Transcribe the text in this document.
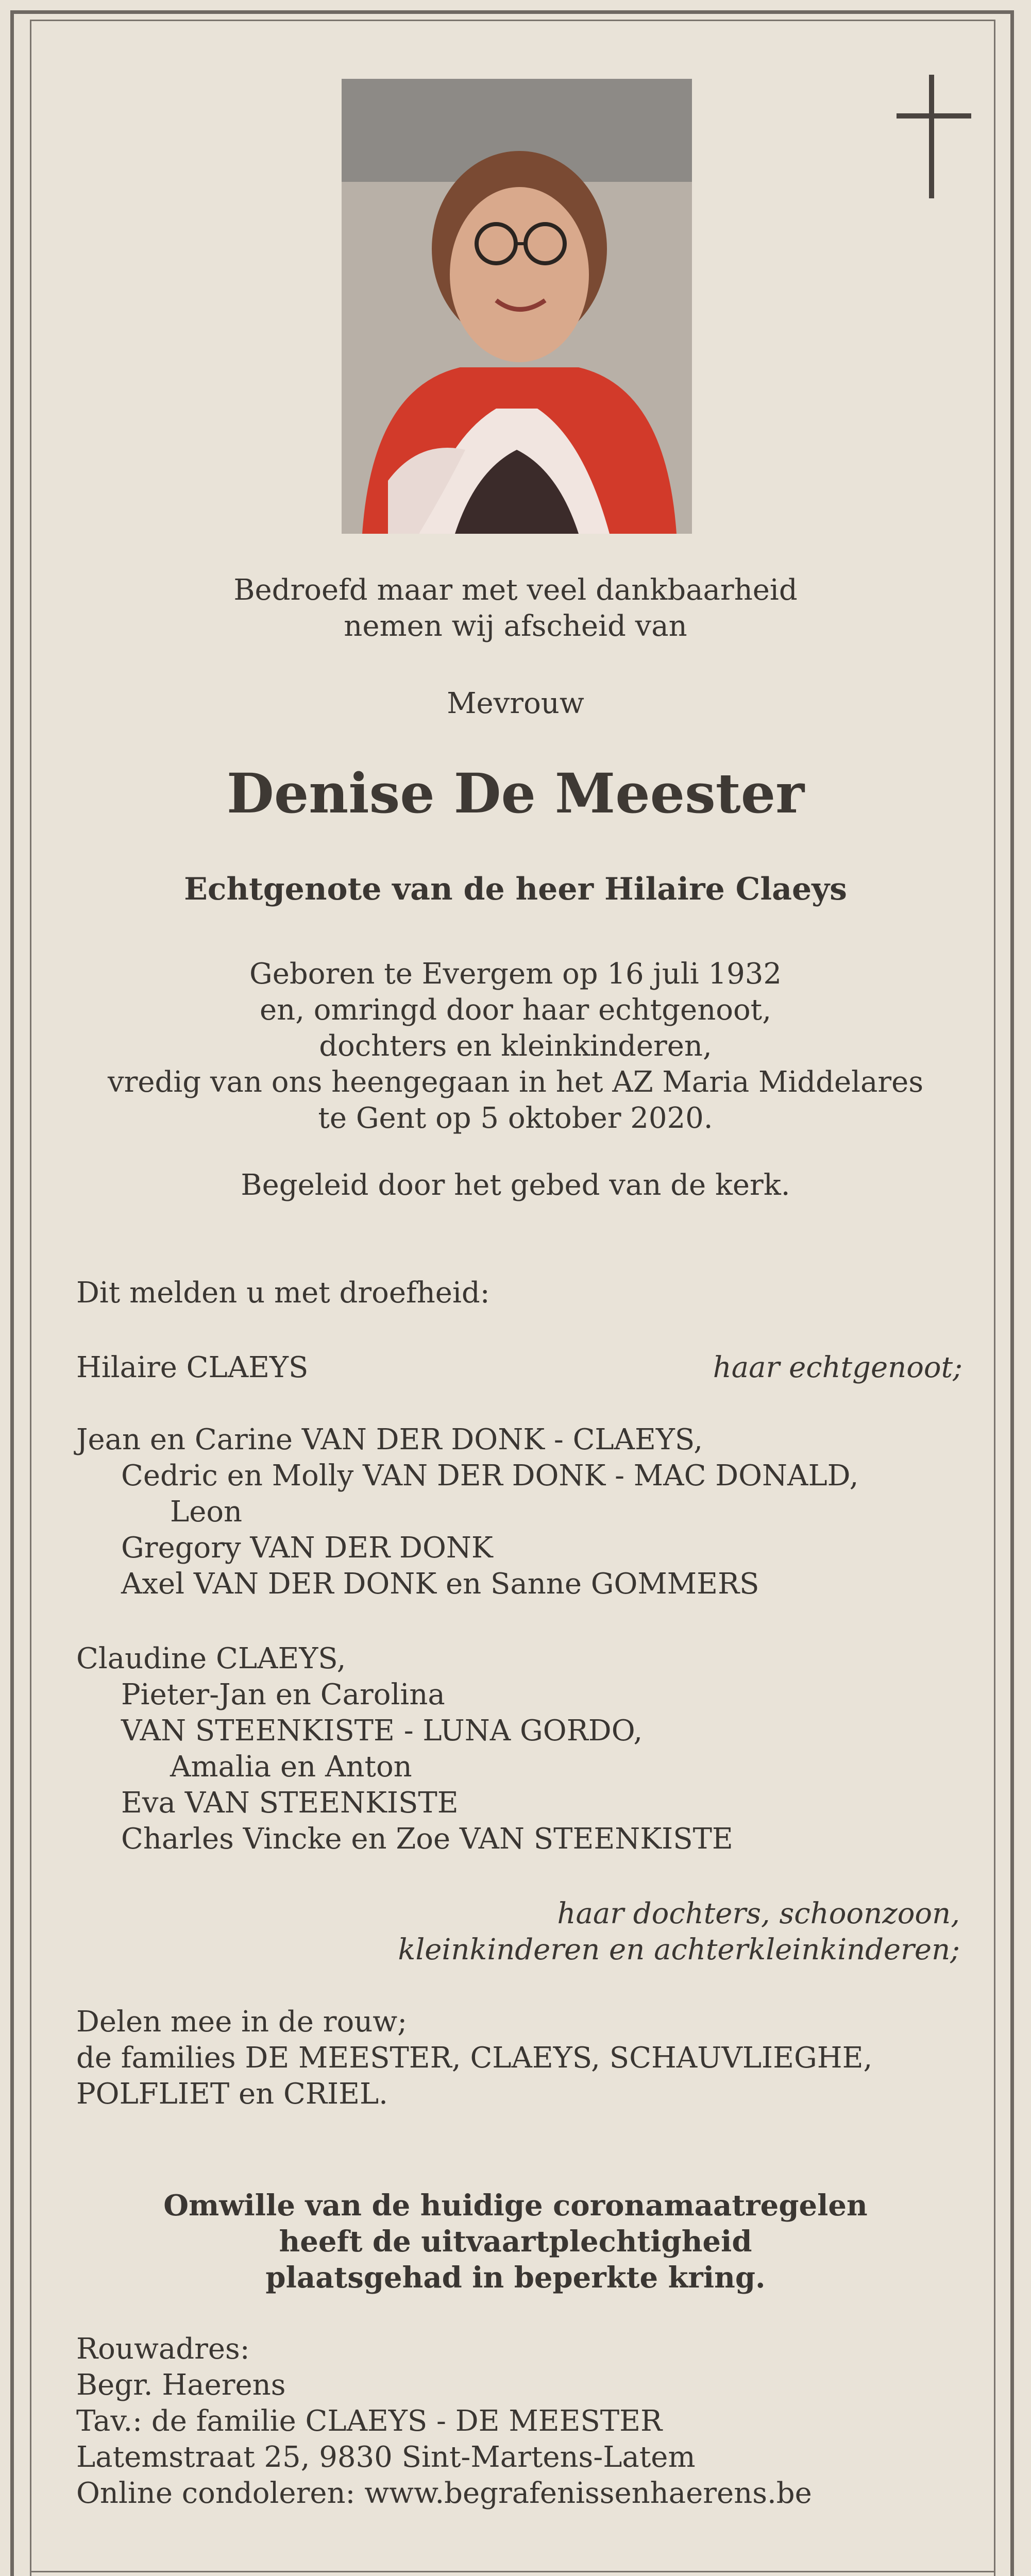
Bedroefd maar met veel dankbaarheid
nemen wij afscheid van
Mevrouw
Denise De Meester
Echtgenote van de heer Hilaire Claeys
Geboren te Evergem op 16 juli 1932
en, omringd door haar echtgenoot,
dochters en kleinkinderen,
vredig van ons heengegaan in het AZ Maria Middelares
te Gent op 5 oktober 2020.
Begeleid door het gebed van de kerk.
Dit melden u met droefheid:
Hilaire CLAEYS	haar echtgenoot;
Jean en Carine VAN DER DONK - CLAEYS,
Cedric en Molly VAN DER DONK - MAC DONALD,
Leon
Gregory VAN DER DONK
Axel VAN DER DONK en Sanne GOMMERS
Claudine CLAEYS,
Pieter-Jan en Carolina
VAN STEENKISTE - LUNA GORDO,
Amalia en Anton
Eva VAN STEENKISTE
Charles Vincke en Zoe VAN STEENKISTE
haar dochters, schoonzoon,
kleinkinderen en achterkleinkinderen;
Delen mee in de rouw;
de families DE MEESTER, CLAEYS, SCHAUVLIEGHE,
POLFLIET en CRIEL.
Omwille van de huidige coronamaatregelen
heeft de uitvaartplechtigheid
plaatsgehad in beperkte kring.
Rouwadres:
Begr. Haerens
Tav.: de familie CLAEYS - DE MEESTER
Latemstraat 25, 9830 Sint-Martens-Latem
Online condoleren: www.begrafenissenhaerens.be
